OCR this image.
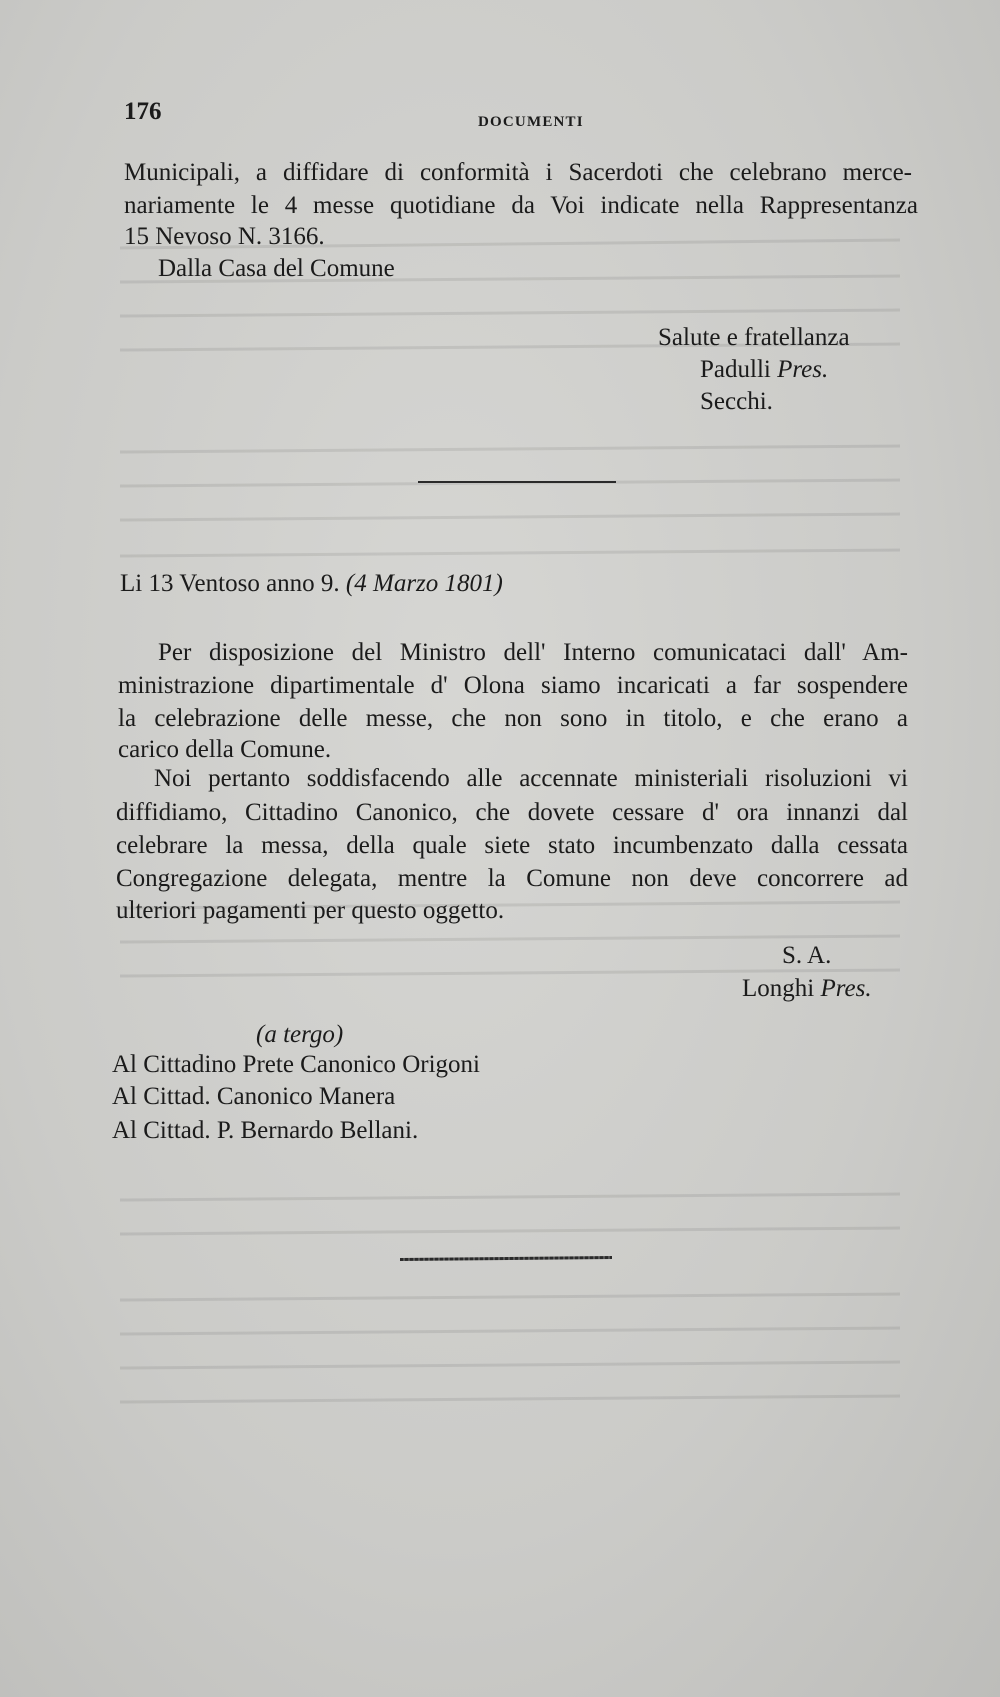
176	DOCUMENTI
Municipali, a diffidare di conformità i Sacerdoti che celebrano merce-
nariamente le 4 messe quotidiane da Voi indicate nella Rappresentanza
15 Nevoso N. 3166.
Dalla Casa del Comune
Salute e fratellanza
Padulli Pres.
Secchi.
Li 13 Ventoso anno 9. (4 Marzo 1801)
Per disposizione del Ministro dell' Interno comunicataci dall' Am-
ministrazione dipartimentale d' Olona siamo incaricati a far sospendere
la celebrazione delle messe, che non sono in titolo, e che erano a
carico della Comune.
Noi pertanto soddisfacendo alle accennate ministeriali risoluzioni vi
diffidiamo, Cittadino Canonico, che dovete cessare d' ora innanzi dal
celebrare la messa, della quale siete stato incumbenzato dalla cessata
Congregazione delegata, mentre la Comune non deve concorrere ad
ulteriori pagamenti per questo oggetto.
S. A.
Longhi Pres.
(a tergo)
Al Cittadino Prete Canonico Origoni
Al Cittad. Canonico Manera
Al Cittad. P. Bernardo Bellani.
